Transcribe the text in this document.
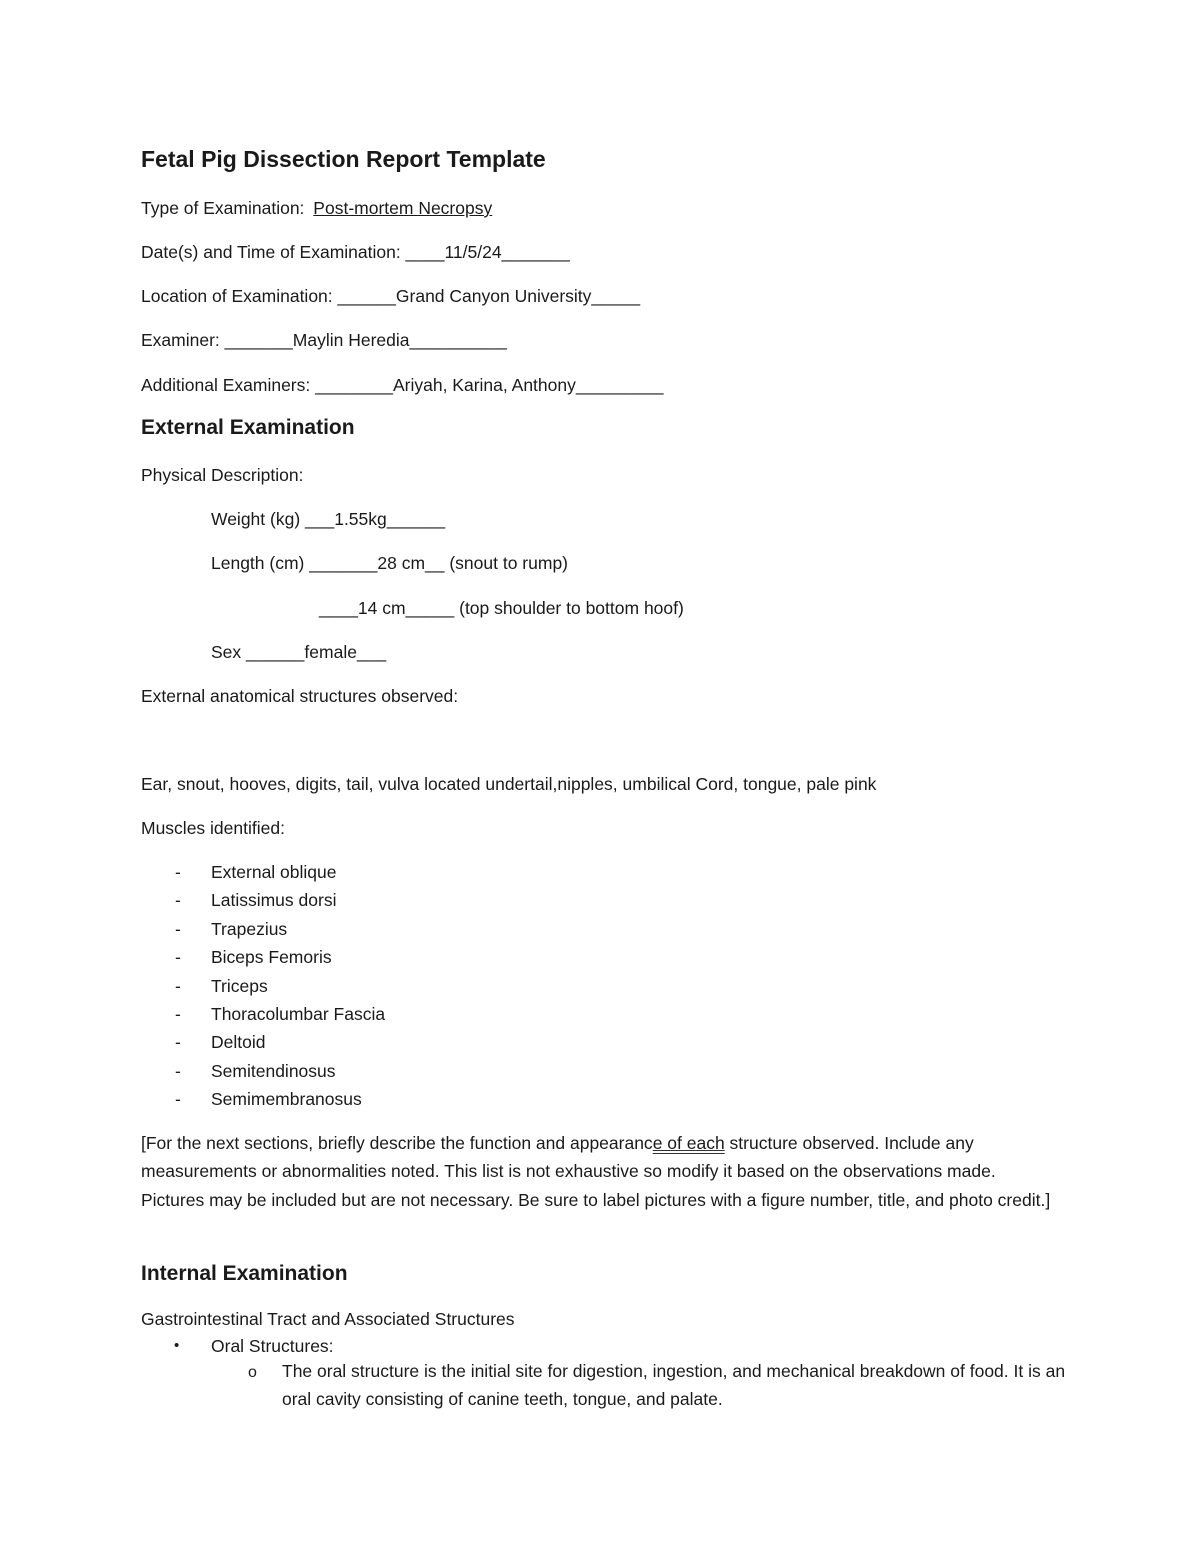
Fetal Pig Dissection Report Template
Type of Examination: Post-mortem Necropsy
Date(s) and Time of Examination: ____11/5/24_______
Location of Examination: ______Grand Canyon University_____
Examiner: _______Maylin Heredia__________
Additional Examiners: ________Ariyah, Karina, Anthony_________
External Examination
Physical Description:
Weight (kg) ___1.55kg______
Length (cm) _______28 cm__ (snout to rump)
____14 cm_____ (top shoulder to bottom hoof)
Sex ______female___
External anatomical structures observed:
Ear, snout, hooves, digits, tail, vulva located undertail,nipples, umbilical Cord, tongue, pale pink
Muscles identified:
- External oblique
- Latissimus dorsi
- Trapezius
- Biceps Femoris
- Triceps
- Thoracolumbar Fascia
- Deltoid
- Semitendinosus
- Semimembranosus
[For the next sections, briefly describe the function and appearance of each structure observed. Include any measurements or abnormalities noted. This list is not exhaustive so modify it based on the observations made. Pictures may be included but are not necessary. Be sure to label pictures with a figure number, title, and photo credit.]
Internal Examination
Gastrointestinal Tract and Associated Structures
• Oral Structures:
o The oral structure is the initial site for digestion, ingestion, and mechanical breakdown of food. It is an oral cavity consisting of canine teeth, tongue, and palate.
